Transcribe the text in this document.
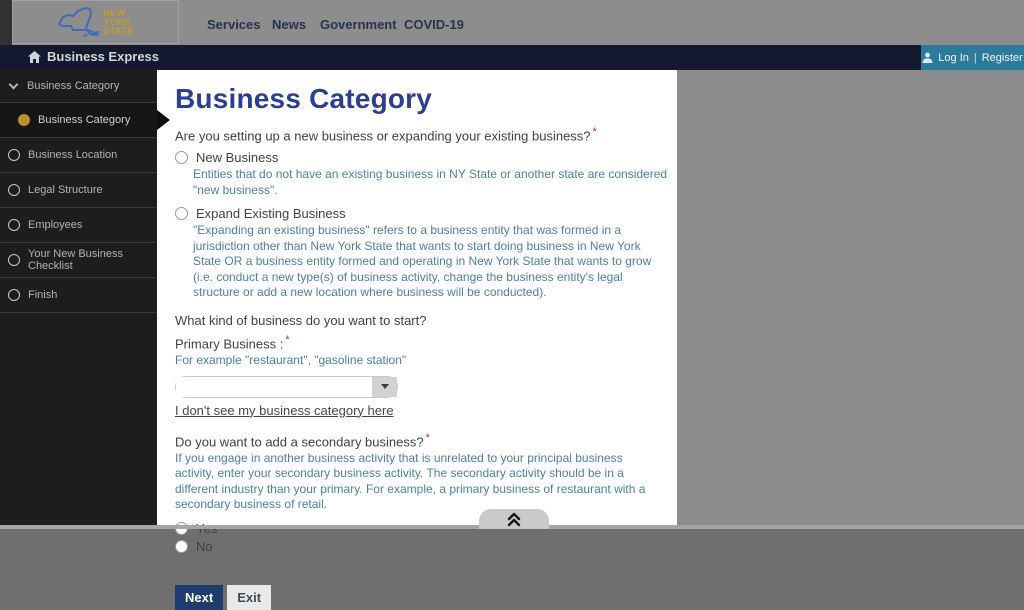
NEW
YORK
STATE	Services News Government COVID-19
Business Express	Log In | Register
Business Category
Business Category
Business Location
Legal Structure
Employees
Your New Business Checklist
Finish
Business Category
Are you setting up a new business or expanding your existing business? *
New Business
Entities that do not have an existing business in NY State or another state are considered "new business".
Expand Existing Business
"Expanding an existing business" refers to a business entity that was formed in a jurisdiction other than New York State that wants to start doing business in New York State OR a business entity formed and operating in New York State that wants to grow (i.e. conduct a new type(s) of business activity, change the business entity's legal structure or add a new location where business will be conducted).
What kind of business do you want to start?
Primary Business : *
For example "restaurant", "gasoline station"
I don't see my business category here
Do you want to add a secondary business? *
If you engage in another business activity that is unrelated to your principal business activity, enter your secondary business activity. The secondary activity should be in a different industry than your primary. For example, a primary business of restaurant with a secondary business of retail.
No
Next	Exit
